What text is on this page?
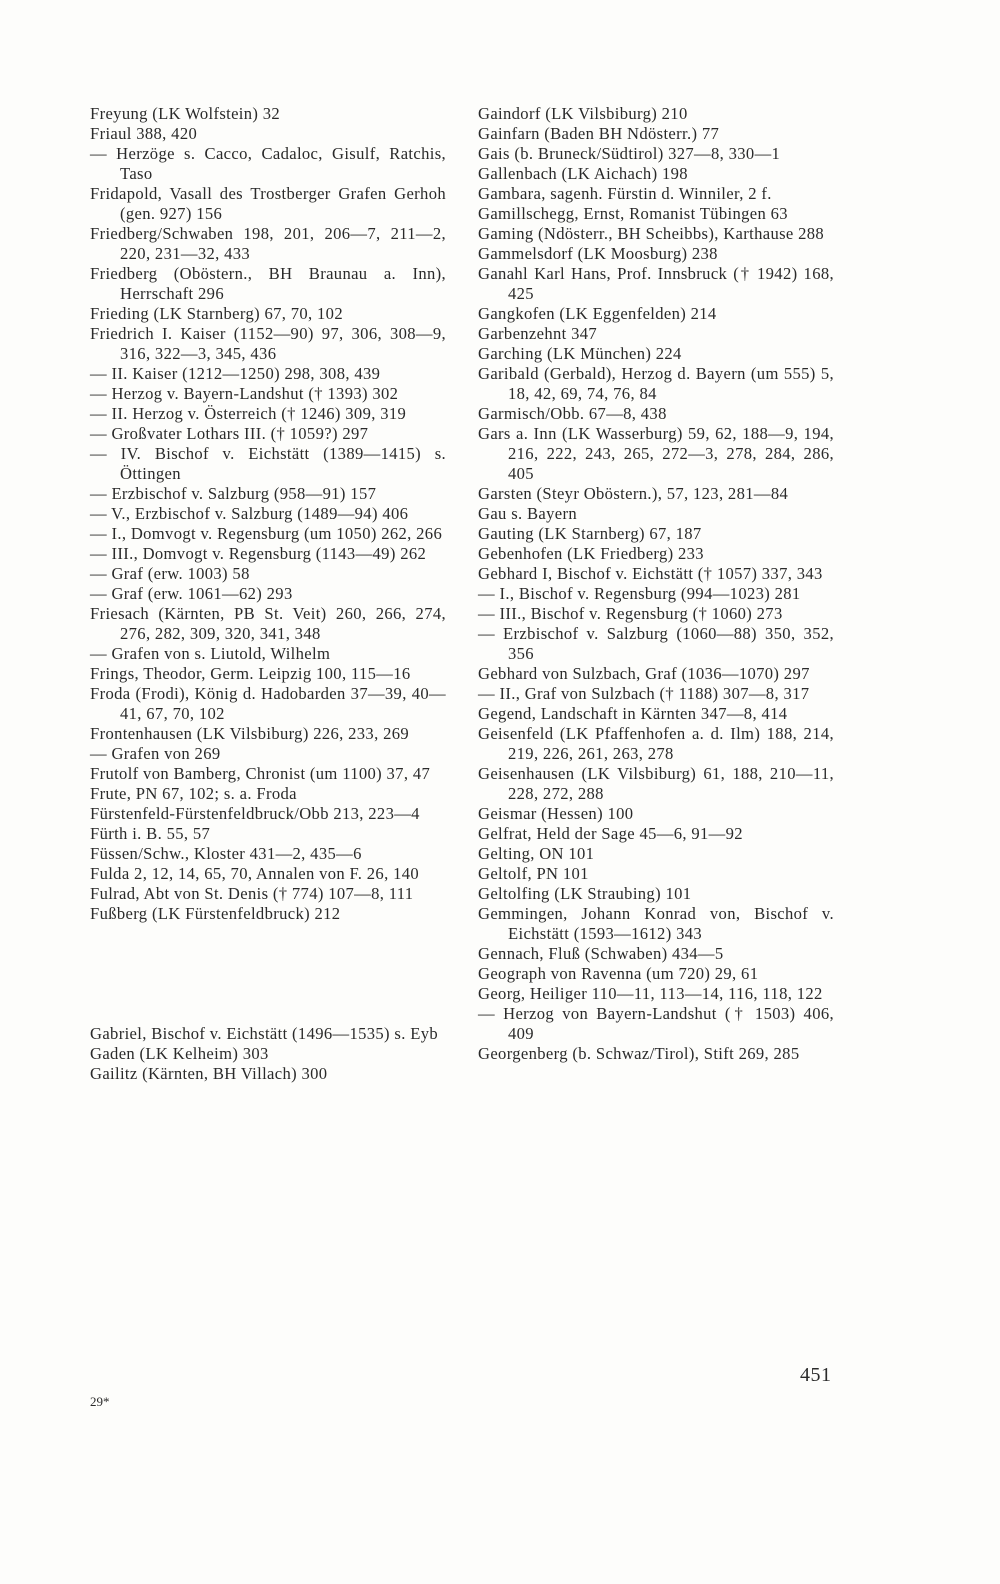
Freyung (LK Wolfstein) 32

Friaul 388, 420

— Herzöge s. Cacco, Cadaloc, Gisulf, Ratchis, Taso

Fridapold, Vasall des Trostberger Grafen Gerhoh (gen. 927) 156

Friedberg/Schwaben 198, 201, 206—7, 211—2, 220, 231—32, 433

Friedberg (Oböstern., BH Braunau a. Inn), Herrschaft 296

Frieding (LK Starnberg) 67, 70, 102

Friedrich I. Kaiser (1152—90) 97, 306, 308—9, 316, 322—3, 345, 436

— II. Kaiser (1212—1250) 298, 308, 439

— Herzog v. Bayern-Landshut († 1393) 302

— II. Herzog v. Österreich († 1246) 309, 319

— Großvater Lothars III. († 1059?) 297

— IV. Bischof v. Eichstätt (1389—1415) s. Öttingen

— Erzbischof v. Salzburg (958—91) 157

— V., Erzbischof v. Salzburg (1489—94) 406

— I., Domvogt v. Regensburg (um 1050) 262, 266

— III., Domvogt v. Regensburg (1143—49) 262

— Graf (erw. 1003) 58

— Graf (erw. 1061—62) 293

Friesach (Kärnten, PB St. Veit) 260, 266, 274, 276, 282, 309, 320, 341, 348

— Grafen von s. Liutold, Wilhelm

Frings, Theodor, Germ. Leipzig 100, 115—16

Froda (Frodi), König d. Hadobarden 37—39, 40—41, 67, 70, 102

Frontenhausen (LK Vilsbiburg) 226, 233, 269

— Grafen von 269

Frutolf von Bamberg, Chronist (um 1100) 37, 47

Frute, PN 67, 102; s. a. Froda

Fürstenfeld-Fürstenfeldbruck/Obb 213, 223—4

Fürth i. B. 55, 57

Füssen/Schw., Kloster 431—2, 435—6

Fulda 2, 12, 14, 65, 70, Annalen von F. 26, 140

Fulrad, Abt von St. Denis († 774) 107—8, 111

Fußberg (LK Fürstenfeldbruck) 212

Gabriel, Bischof v. Eichstätt (1496—1535) s. Eyb

Gaden (LK Kelheim) 303

Gailitz (Kärnten, BH Villach) 300

Gaindorf (LK Vilsbiburg) 210

Gainfarn (Baden BH Ndösterr.) 77

Gais (b. Bruneck/Südtirol) 327—8, 330—1

Gallenbach (LK Aichach) 198

Gambara, sagenh. Fürstin d. Winniler, 2 f.

Gamillschegg, Ernst, Romanist Tübingen 63

Gaming (Ndösterr., BH Scheibbs), Karthause 288

Gammelsdorf (LK Moosburg) 238

Ganahl Karl Hans, Prof. Innsbruck († 1942) 168, 425

Gangkofen (LK Eggenfelden) 214

Garbenzehnt 347

Garching (LK München) 224

Garibald (Gerbald), Herzog d. Bayern (um 555) 5, 18, 42, 69, 74, 76, 84

Garmisch/Obb. 67—8, 438

Gars a. Inn (LK Wasserburg) 59, 62, 188—9, 194, 216, 222, 243, 265, 272—3, 278, 284, 286, 405

Garsten (Steyr Oböstern.), 57, 123, 281—84

Gau s. Bayern

Gauting (LK Starnberg) 67, 187

Gebenhofen (LK Friedberg) 233

Gebhard I, Bischof v. Eichstätt († 1057) 337, 343

— I., Bischof v. Regensburg (994—1023) 281

— III., Bischof v. Regensburg († 1060) 273

— Erzbischof v. Salzburg (1060—88) 350, 352, 356

Gebhard von Sulzbach, Graf (1036—1070) 297

— II., Graf von Sulzbach († 1188) 307—8, 317

Gegend, Landschaft in Kärnten 347—8, 414

Geisenfeld (LK Pfaffenhofen a. d. Ilm) 188, 214, 219, 226, 261, 263, 278

Geisenhausen (LK Vilsbiburg) 61, 188, 210—11, 228, 272, 288

Geismar (Hessen) 100

Gelfrat, Held der Sage 45—6, 91—92

Gelting, ON 101

Geltolf, PN 101

Geltolfing (LK Straubing) 101

Gemmingen, Johann Konrad von, Bischof v. Eichstätt (1593—1612) 343

Gennach, Fluß (Schwaben) 434—5

Geograph von Ravenna (um 720) 29, 61

Georg, Heiliger 110—11, 113—14, 116, 118, 122

— Herzog von Bayern-Landshut († 1503) 406, 409

Georgenberg (b. Schwaz/Tirol), Stift 269, 285

451
29*
